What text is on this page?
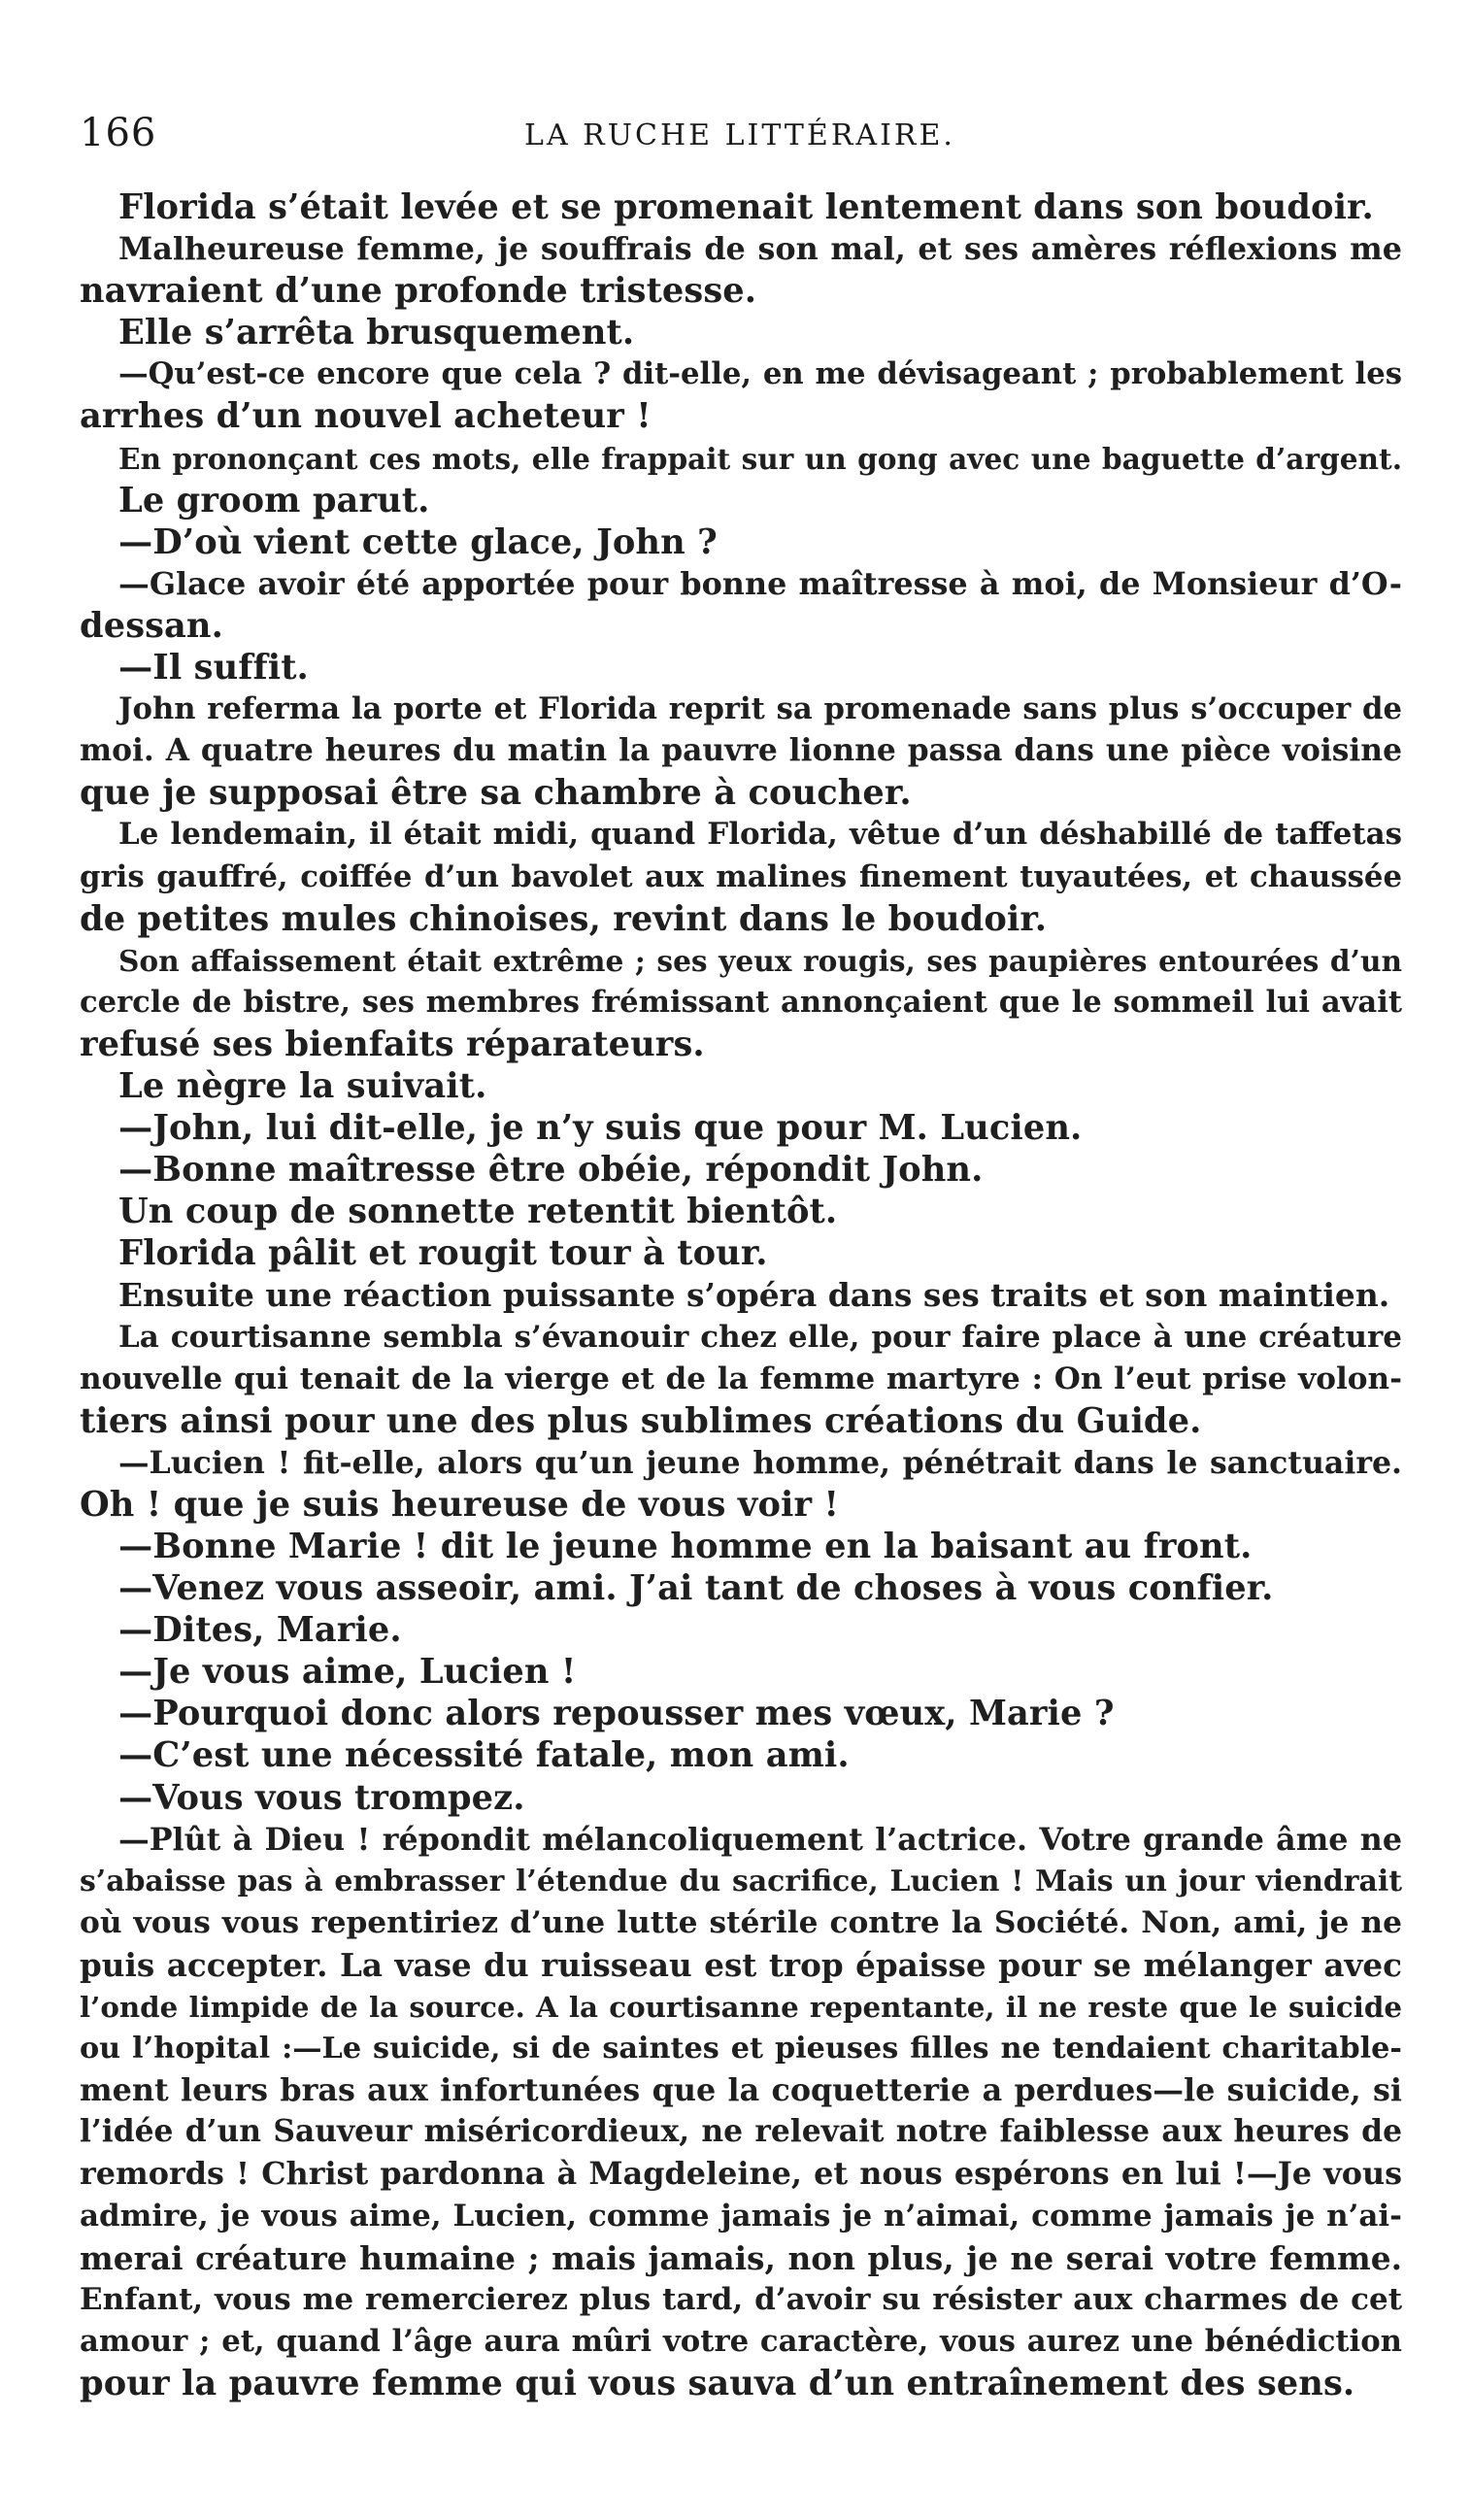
166	LA RUCHE LITTÉRAIRE.
Florida s’était levée et se promenait lentement dans son boudoir.
Malheureuse femme, je souffrais de son mal, et ses amères réflexions me
navraient d’une profonde tristesse.
Elle s’arrêta brusquement.
—Qu’est-ce encore que cela ? dit-elle, en me dévisageant ; probablement les
arrhes d’un nouvel acheteur !
En prononçant ces mots, elle frappait sur un gong avec une baguette d’argent.
Le groom parut.
—D’où vient cette glace, John ?
—Glace avoir été apportée pour bonne maîtresse à moi, de Monsieur d’O-
dessan.
—Il suffit.
John referma la porte et Florida reprit sa promenade sans plus s’occuper de
moi. A quatre heures du matin la pauvre lionne passa dans une pièce voisine
que je supposai être sa chambre à coucher.
Le lendemain, il était midi, quand Florida, vêtue d’un déshabillé de taffetas
gris gauffré, coiffée d’un bavolet aux malines finement tuyautées, et chaussée
de petites mules chinoises, revint dans le boudoir.
Son affaissement était extrême ; ses yeux rougis, ses paupières entourées d’un
cercle de bistre, ses membres frémissant annonçaient que le sommeil lui avait
refusé ses bienfaits réparateurs.
Le nègre la suivait.
—John, lui dit-elle, je n’y suis que pour M. Lucien.
—Bonne maîtresse être obéie, répondit John.
Un coup de sonnette retentit bientôt.
Florida pâlit et rougit tour à tour.
Ensuite une réaction puissante s’opéra dans ses traits et son maintien.
La courtisanne sembla s’évanouir chez elle, pour faire place à une créature
nouvelle qui tenait de la vierge et de la femme martyre : On l’eut prise volon-
tiers ainsi pour une des plus sublimes créations du Guide.
—Lucien ! fit-elle, alors qu’un jeune homme, pénétrait dans le sanctuaire.
Oh ! que je suis heureuse de vous voir !
—Bonne Marie ! dit le jeune homme en la baisant au front.
—Venez vous asseoir, ami. J’ai tant de choses à vous confier.
—Dites, Marie.
—Je vous aime, Lucien !
—Pourquoi donc alors repousser mes vœux, Marie ?
—C’est une nécessité fatale, mon ami.
—Vous vous trompez.
—Plût à Dieu ! répondit mélancoliquement l’actrice. Votre grande âme ne
s’abaisse pas à embrasser l’étendue du sacrifice, Lucien ! Mais un jour viendrait
où vous vous repentiriez d’une lutte stérile contre la Société. Non, ami, je ne
puis accepter. La vase du ruisseau est trop épaisse pour se mélanger avec
l’onde limpide de la source. A la courtisanne repentante, il ne reste que le suicide
ou l’hopital :—Le suicide, si de saintes et pieuses filles ne tendaient charitable-
ment leurs bras aux infortunées que la coquetterie a perdues—le suicide, si
l’idée d’un Sauveur miséricordieux, ne relevait notre faiblesse aux heures de
remords ! Christ pardonna à Magdeleine, et nous espérons en lui !—Je vous
admire, je vous aime, Lucien, comme jamais je n’aimai, comme jamais je n’ai-
merai créature humaine ; mais jamais, non plus, je ne serai votre femme.
Enfant, vous me remercierez plus tard, d’avoir su résister aux charmes de cet
amour ; et, quand l’âge aura mûri votre caractère, vous aurez une bénédiction
pour la pauvre femme qui vous sauva d’un entraînement des sens.
